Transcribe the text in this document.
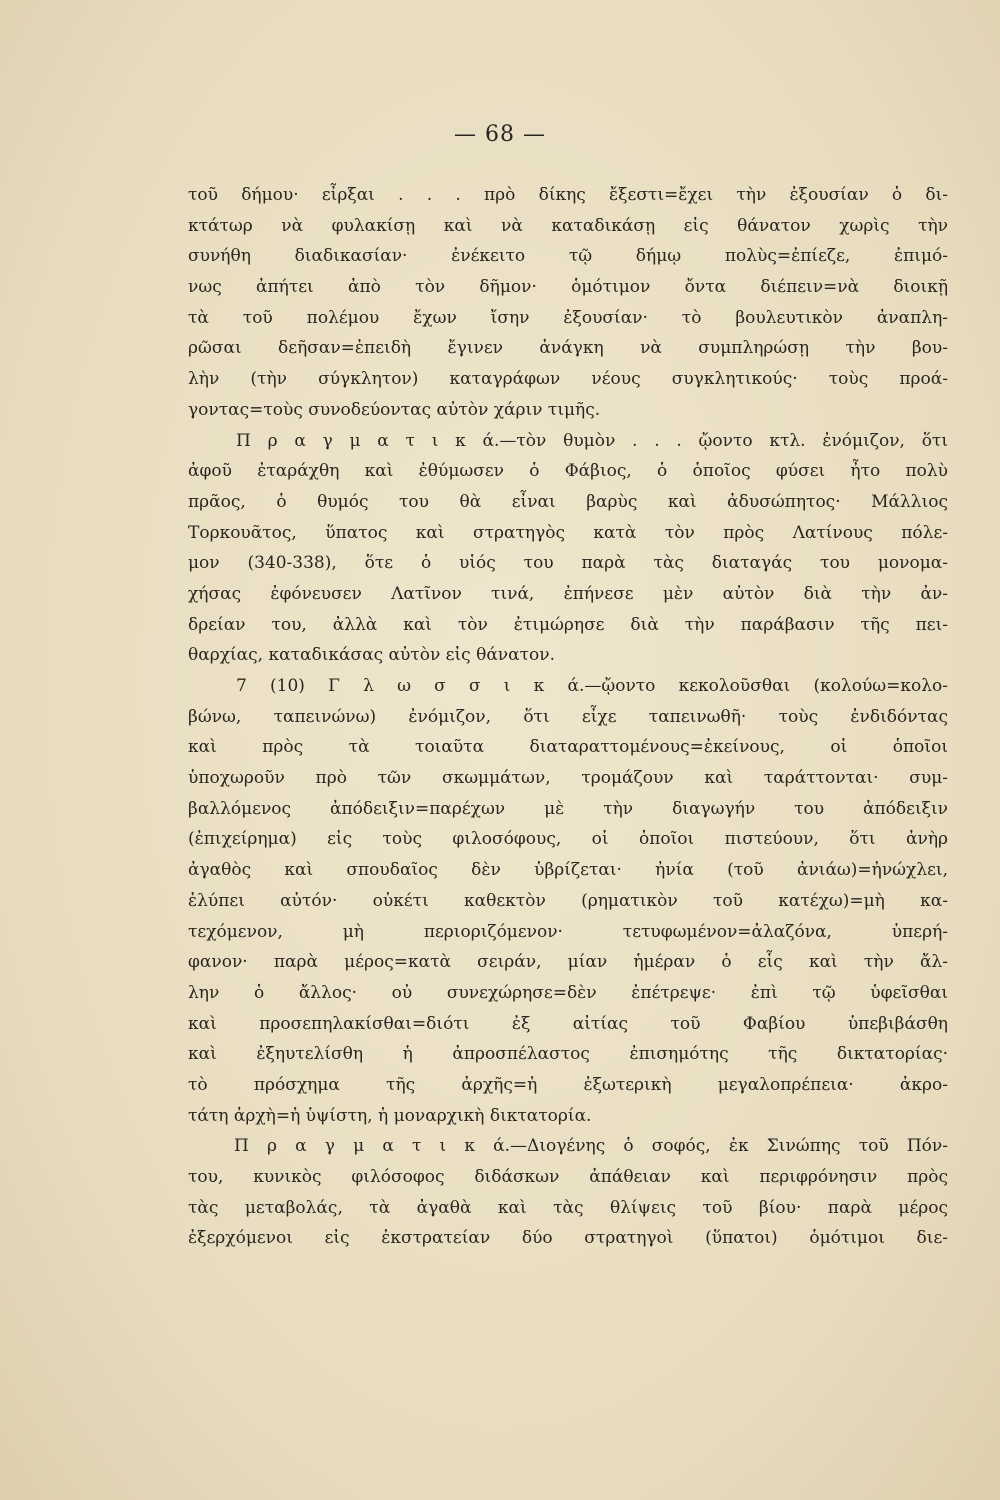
— 68 —
τοῦ δήμου· εἶρξαι . . . πρὸ δίκης ἔξεστι=ἔχει τὴν ἐξουσίαν ὁ δι-
κτάτωρ νὰ φυλακίσῃ καὶ νὰ καταδικάσῃ εἰς θάνατον χωρὶς τὴν
συνήθη διαδικασίαν· ἐνέκειτο τῷ δήμῳ πολὺς=ἐπίεζε, ἐπιμό-
νως ἀπήτει ἀπὸ τὸν δῆμον· ὁμότιμον ὄντα διέπειν=νὰ διοικῇ
τὰ τοῦ πολέμου ἔχων ἴσην ἐξουσίαν· τὸ βουλευτικὸν ἀναπλη-
ρῶσαι δεῆσαν=ἐπειδὴ ἔγινεν ἀνάγκη νὰ συμπληρώσῃ τὴν βου-
λὴν (τὴν σύγκλητον) καταγράφων νέους συγκλητικούς· τοὺς προά-
γοντας=τοὺς συνοδεύοντας αὐτὸν χάριν τιμῆς.
Π ρ α γ μ α τ ι κ ά.—τὸν θυμὸν . . . ᾤοντο κτλ. ἐνόμιζον, ὅτι
ἀφοῦ ἐταράχθη καὶ ἐθύμωσεν ὁ Φάβιος, ὁ ὁποῖος φύσει ἦτο πολὺ
πρᾶος, ὁ θυμός του θὰ εἶναι βαρὺς καὶ ἀδυσώπητος· Μάλλιος
Τορκουᾶτος, ὕπατος καὶ στρατηγὸς κατὰ τὸν πρὸς Λατίνους πόλε-
μον (340-338), ὅτε ὁ υἱός του παρὰ τὰς διαταγάς του μονομα-
χήσας ἐφόνευσεν Λατῖνον τινά, ἐπήνεσε μὲν αὐτὸν διὰ τὴν ἀν-
δρείαν του, ἀλλὰ καὶ τὸν ἐτιμώρησε διὰ τὴν παράβασιν τῆς πει-
θαρχίας, καταδικάσας αὐτὸν εἰς θάνατον.
7 (10) Γ λ ω σ σ ι κ ά.—ᾤοντο κεκολοῦσθαι (κολούω=κολο-
βώνω, ταπεινώνω) ἐνόμιζον, ὅτι εἶχε ταπεινωθῆ· τοὺς ἐνδιδόντας
καὶ πρὸς τὰ τοιαῦτα διαταραττομένους=ἐκείνους, οἱ ὁποῖοι
ὑποχωροῦν πρὸ τῶν σκωμμάτων, τρομάζουν καὶ ταράττονται· συμ-
βαλλόμενος ἀπόδειξιν=παρέχων μὲ τὴν διαγωγήν του ἀπόδειξιν
(ἐπιχείρημα) εἰς τοὺς φιλοσόφους, οἱ ὁποῖοι πιστεύουν, ὅτι ἀνὴρ
ἀγαθὸς καὶ σπουδαῖος δὲν ὑβρίζεται· ἠνία (τοῦ ἀνιάω)=ἠνώχλει,
ἐλύπει αὐτόν· οὐκέτι καθεκτὸν (ρηματικὸν τοῦ κατέχω)=μὴ κα-
τεχόμενον, μὴ περιοριζόμενον· τετυφωμένον=ἀλαζόνα, ὑπερή-
φανον· παρὰ μέρος=κατὰ σειράν, μίαν ἡμέραν ὁ εἷς καὶ τὴν ἄλ-
λην ὁ ἄλλος· οὐ συνεχώρησε=δὲν ἐπέτρεψε· ἐπὶ τῷ ὑφεῖσθαι
καὶ προσεπηλακίσθαι=διότι ἐξ αἰτίας τοῦ Φαβίου ὑπεβιβάσθη
καὶ ἐξηυτελίσθη ἡ ἀπροσπέλαστος ἐπισημότης τῆς δικτατορίας·
τὸ πρόσχημα τῆς ἀρχῆς=ἡ ἐξωτερικὴ μεγαλοπρέπεια· ἀκρο-
τάτη ἀρχὴ=ἡ ὑψίστη, ἡ μοναρχικὴ δικτατορία.
Π ρ α γ μ α τ ι κ ά.—Διογένης ὁ σοφός, ἐκ Σινώπης τοῦ Πόν-
του, κυνικὸς φιλόσοφος διδάσκων ἀπάθειαν καὶ περιφρόνησιν πρὸς
τὰς μεταβολάς, τὰ ἀγαθὰ καὶ τὰς θλίψεις τοῦ βίου· παρὰ μέρος
ἐξερχόμενοι εἰς ἐκστρατείαν δύο στρατηγοὶ (ὕπατοι) ὁμότιμοι διε-
